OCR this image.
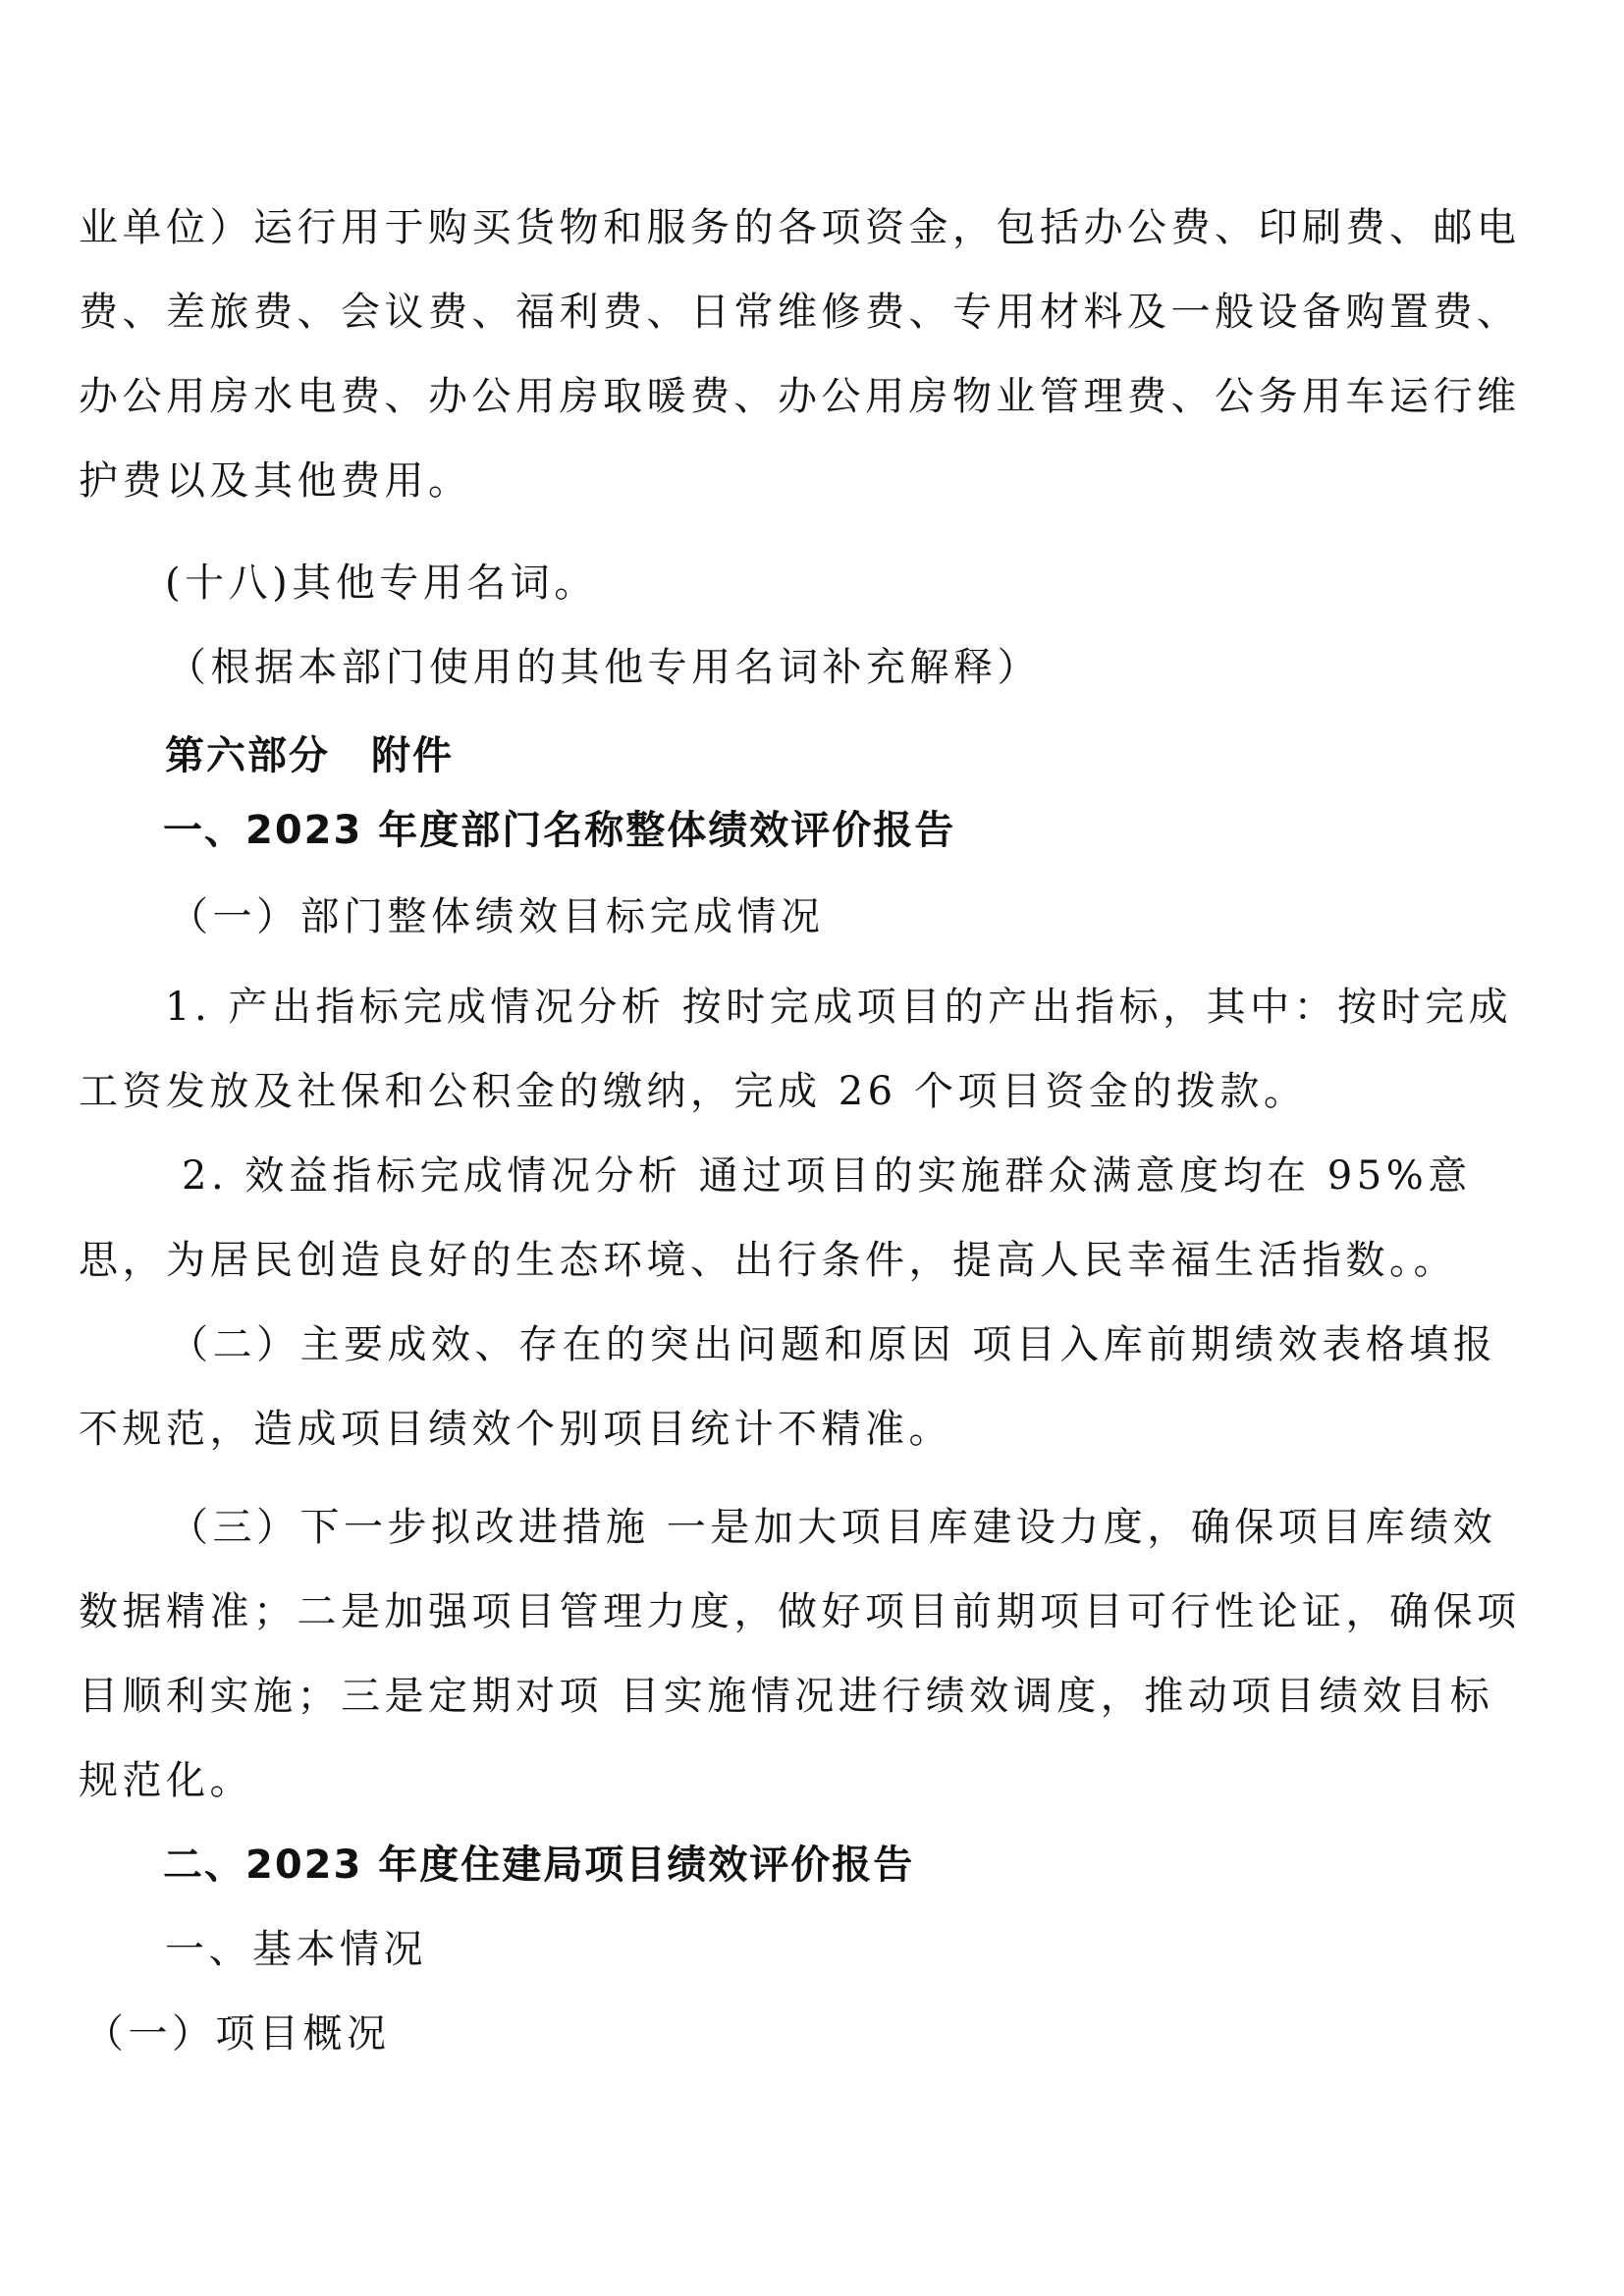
业单位）运行用于购买货物和服务的各项资金，包括办公费、印刷费、邮电

费、差旅费、会议费、福利费、日常维修费、专用材料及一般设备购置费、

办公用房水电费、办公用房取暖费、办公用房物业管理费、公务用车运行维

护费以及其他费用。

(十八)其他专用名词。

（根据本部门使用的其他专用名词补充解释）

第六部分　附件

一、2023 年度部门名称整体绩效评价报告

（一）部门整体绩效目标完成情况

1. 产出指标完成情况分析 按时完成项目的产出指标，其中：按时完成

工资发放及社保和公积金的缴纳，完成 26 个项目资金的拨款。

2. 效益指标完成情况分析 通过项目的实施群众满意度均在 95%意

思，为居民创造良好的生态环境、出行条件，提高人民幸福生活指数。。

（二）主要成效、存在的突出问题和原因 项目入库前期绩效表格填报

不规范，造成项目绩效个别项目统计不精准。

（三）下一步拟改进措施 一是加大项目库建设力度，确保项目库绩效

数据精准；二是加强项目管理力度，做好项目前期项目可行性论证，确保项

目顺利实施；三是定期对项 目实施情况进行绩效调度，推动项目绩效目标

规范化。

二、2023 年度住建局项目绩效评价报告

一、基本情况

（一）项目概况
